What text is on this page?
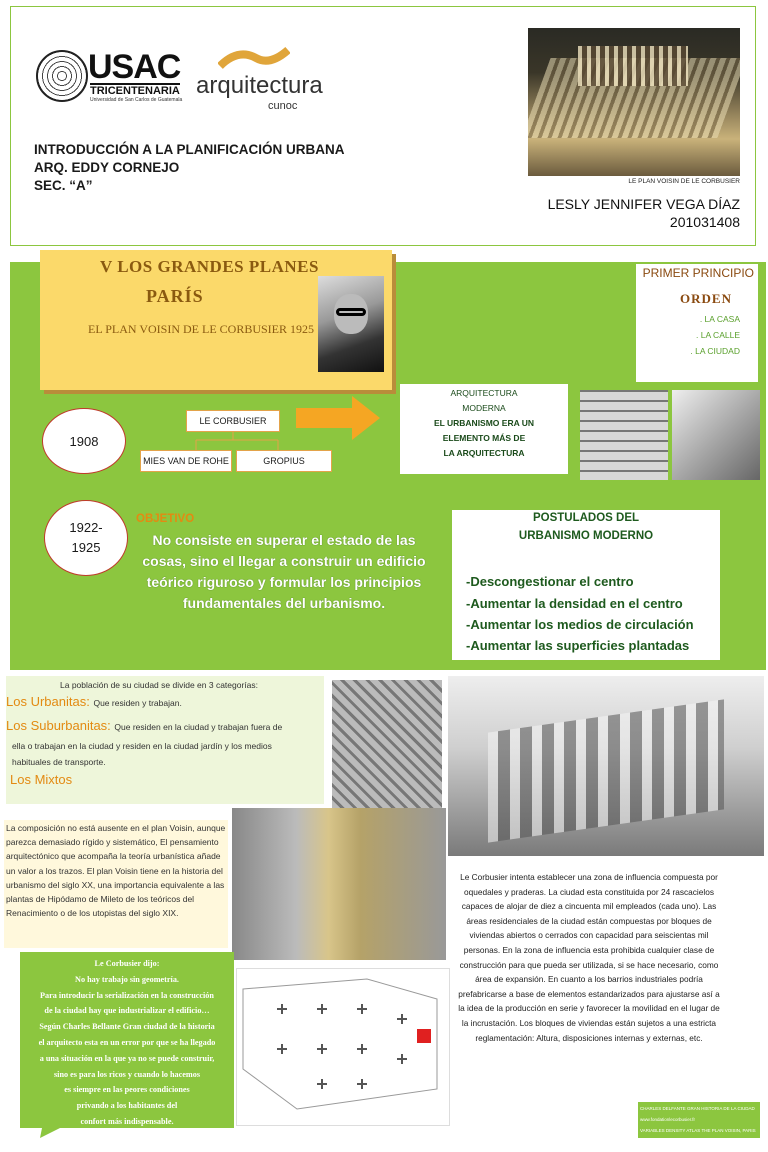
USAC
TRICENTENARIA
Universidad de San Carlos de Guatemala
arquitectura
cunoc
INTRODUCCIÓN A LA PLANIFICACIÓN URBANA
ARQ. EDDY CORNEJO
SEC. “A”	LE PLAN VOISIN DE LE CORBUSIER
LESLY JENNIFER VEGA DÍAZ
201031408
V LOS GRANDES PLANES
PARÍS
EL PLAN VOISIN DE LE CORBUSIER 1925
PRIMER PRINCIPIO
ORDEN
. LA CASA
. LA CALLE
. LA CIUDAD
1908
LE CORBUSIER
MIES VAN DE ROHE	GROPIUS
ARQUITECTURA
MODERNA
EL URBANISMO ERA UN
ELEMENTO MÁS DE
LA ARQUITECTURA
1922-
1925
OBJETIVO
No consiste en superar el estado de las cosas, sino el llegar a construir un edificio teórico riguroso y formular los principios fundamentales del urbanismo.
POSTULADOS DEL
URBANISMO MODERNO
-Descongestionar el centro
-Aumentar la densidad en el centro
-Aumentar los medios de circulación
-Aumentar las superficies plantadas
La población de su ciudad se divide en 3 categorías:
Los Urbanitas: Que residen y trabajan.
Los Suburbanitas: Que residen en la ciudad y trabajan fuera de
ella o trabajan en la ciudad y residen en la ciudad jardín y los medios
habituales de transporte.
Los Mixtos
La composición no está ausente en el plan Voisin, aunque parezca demasiado rígido y sistemático, El pensamiento arquitectónico que acompaña la teoría urbanística añade un valor a los trazos. El plan Voisin tiene en la historia del urbanismo del siglo XX, una importancia equivalente a las plantas de Hipódamo de Mileto de los teóricos del Renacimiento o de los utopistas del siglo XIX.
Le Corbusier intenta establecer una zona de influencia compuesta por oquedales y praderas. La ciudad esta constituida por 24 rascacielos capaces de alojar de diez a cincuenta mil empleados (cada uno). Las áreas residenciales de la ciudad están compuestas por bloques de viviendas abiertos o cerrados con capacidad para seiscientas mil personas. En la zona de influencia esta prohibida cualquier clase de construcción para que pueda ser utilizada, si se hace necesario, como área de expansión. En cuanto a los barrios industriales podría prefabricarse a base de elementos estandarizados para ajustarse así a la idea de la producción en serie y favorecer la movilidad en el lugar de la incrustación. Los bloques de viviendas están sujetos a una estricta reglamentación: Altura, disposiciones internas y externas, etc.
Le Corbusier dijo:
No hay trabajo sin geometría.
Para introducir la serialización en la construcción
de la ciudad hay que industrializar el edificio…
Según Charles Bellante Gran ciudad de la historia
el arquitecto esta en un error por que se ha llegado
a una situación en la que ya no se puede construir,
sino es para los ricos y cuando lo hacemos
es siempre en las peores condiciones
privando a los habitantes del
confort más indispensable.
CHARLES DELFANTE GRAN HISTORIA DE LA CIUDAD
www.fondationlecorbusier.fr
VARIABLES DENSITY ATLAS THE PLAN VOISIN, PARIS
